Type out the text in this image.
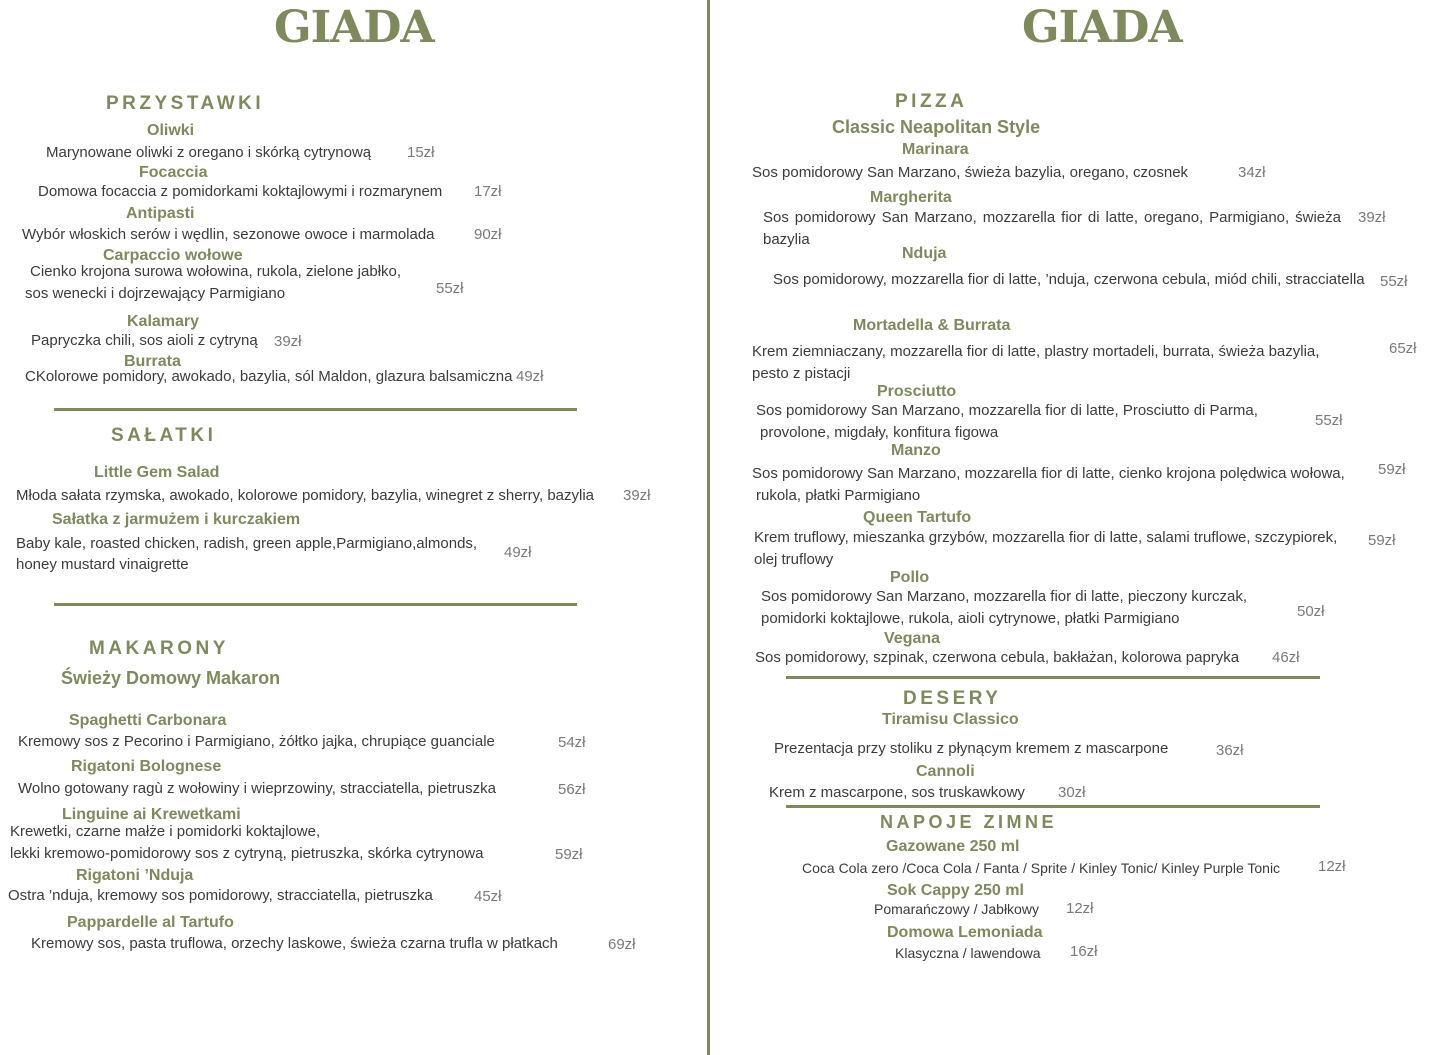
GIADA
PRZYSTAWKI
Oliwki
Marynowane oliwki z oregano i skórką cytrynową 15zł
Focaccia
Domowa focaccia z pomidorkami koktajlowymi i rozmarynem 17zł
Antipasti
Wybór włoskich serów i wędlin, sezonowe owoce i marmolada	90zł
Carpaccio wołowe
Cienko krojona surowa wołowina, rukola, zielone jabłko,
sos wenecki i dojrzewający Parmigiano	55zł
Kalamary
Papryczka chili, sos aioli z cytryną 39zł
Burrata
CKolorowe pomidory, awokado, bazylia, sól Maldon, glazura balsamiczna 49zł
SAŁATKI
Little Gem Salad
Młoda sałata rzymska, awokado, kolorowe pomidory, bazylia, winegret z sherry, bazylia 39zł
Sałatka z jarmużem i kurczakiem
Baby kale, roasted chicken, radish, green apple,Parmigiano,almonds,
honey mustard vinaigrette
49zł
MAKARONY
Świeży Domowy Makaron
Spaghetti Carbonara
Kremowy sos z Pecorino i Parmigiano, żółtko jajka, chrupiące guanciale	54zł
Rigatoni Bolognese
Wolno gotowany ragù z wołowiny i wieprzowiny, stracciatella, pietruszka	56zł
Linguine ai Krewetkami
Krewetki, czarne małże i pomidorki koktajlowe,
lekki kremowo-pomidorowy sos z cytryną, pietruszka, skórka cytrynowa	59zł
Rigatoni ’Nduja
Ostra ’nduja, kremowy sos pomidorowy, stracciatella, pietruszka	45zł
Pappardelle al Tartufo
Kremowy sos, pasta truflowa, orzechy laskowe, świeża czarna trufla w płatkach	69zł
GIADA
PIZZA
Classic Neapolitan Style
Marinara
Sos pomidorowy San Marzano, świeża bazylia, oregano, czosnek	34zł
Margherita
Sos pomidorowy San Marzano, mozzarella fior di latte, oregano, Parmigiano, świeża bazylia
39zł
Nduja
Sos pomidorowy, mozzarella fior di latte, ’nduja, czerwona cebula, miód chili, stracciatella 55zł
Mortadella & Burrata
Krem ziemniaczany, mozzarella fior di latte, plastry mortadeli, burrata, świeża bazylia,
pesto z pistacji
65zł
Prosciutto
Sos pomidorowy San Marzano, mozzarella fior di latte, Prosciutto di Parma,
provolone, migdały, konfitura figowa
55zł
Manzo
Sos pomidorowy San Marzano, mozzarella fior di latte, cienko krojona polędwica wołowa,
rukola, płatki Parmigiano
59zł
Queen Tartufo
Krem truflowy, mieszanka grzybów, mozzarella fior di latte, salami truflowe, szczypiorek,
olej truflowy
59zł
Pollo
Sos pomidorowy San Marzano, mozzarella fior di latte, pieczony kurczak,
pomidorki koktajlowe, rukola, aioli cytrynowe, płatki Parmigiano	50zł
Vegana
Sos pomidorowy, szpinak, czerwona cebula, bakłażan, kolorowa papryka 46zł
DESERY
Tiramisu Classico
Prezentacja przy stoliku z płynącym kremem z mascarpone	36zł
Cannoli
Krem z mascarpone, sos truskawkowy 30zł
NAPOJE ZIMNE
Gazowane 250 ml
Coca Cola zero /Coca Cola / Fanta / Sprite / Kinley Tonic/ Kinley Purple Tonic	12zł
Sok Cappy 250 ml
Pomarańczowy / Jabłkowy 12zł
Domowa Lemoniada
Klasyczna / lawendowa 16zł
